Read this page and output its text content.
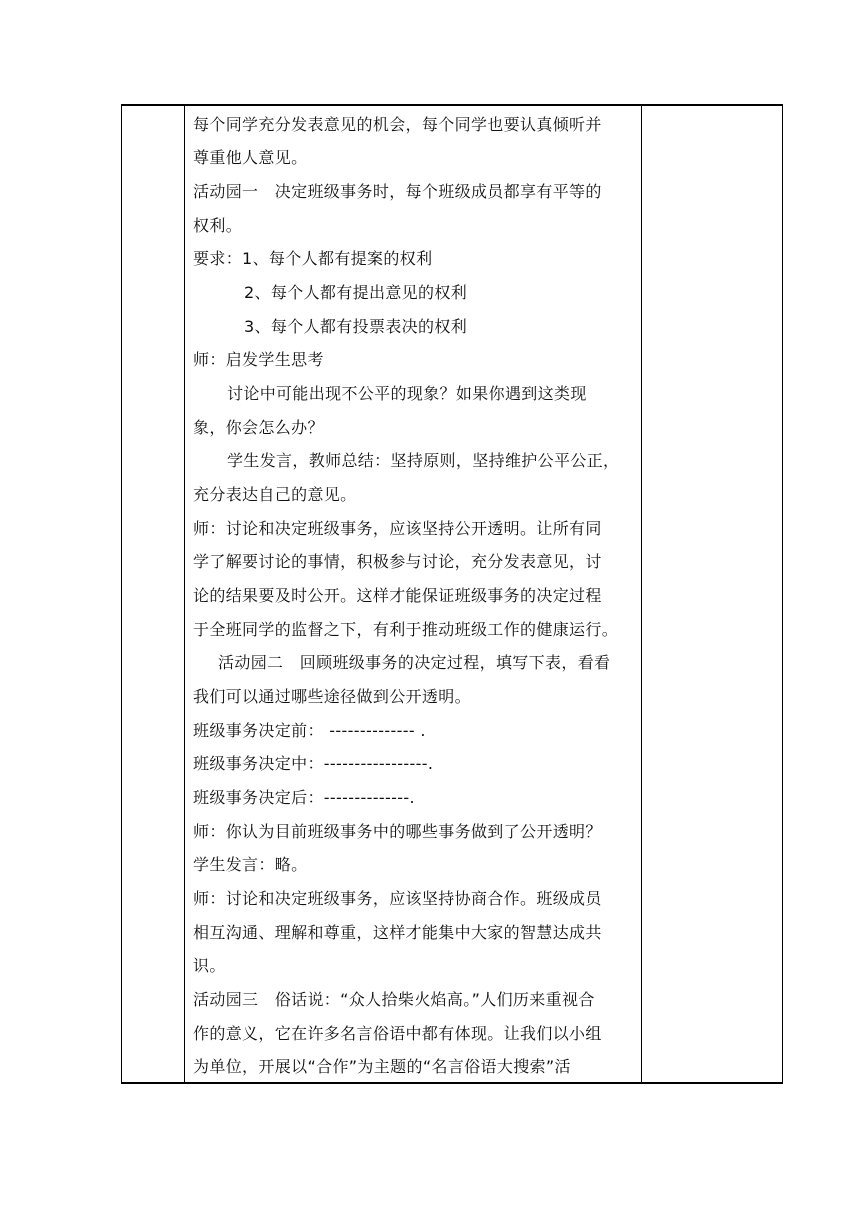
每个同学充分发表意见的机会，每个同学也要认真倾听并
尊重他人意见。
活动园一　决定班级事务时，每个班级成员都享有平等的
权利。
要求：1、每个人都有提案的权利
2、每个人都有提出意见的权利
3、每个人都有投票表决的权利
师：启发学生思考
讨论中可能出现不公平的现象？如果你遇到这类现
象，你会怎么办？
学生发言，教师总结：坚持原则，坚持维护公平公正，
充分表达自己的意见。
师：讨论和决定班级事务，应该坚持公开透明。让所有同
学了解要讨论的事情，积极参与讨论，充分发表意见，讨
论的结果要及时公开。这样才能保证班级事务的决定过程
于全班同学的监督之下，有利于推动班级工作的健康运行。
活动园二　回顾班级事务的决定过程，填写下表，看看
我们可以通过哪些途径做到公开透明。
班级事务决定前： -------------- .
班级事务决定中：-----------------.
班级事务决定后：--------------.
师：你认为目前班级事务中的哪些事务做到了公开透明？
学生发言：略。
师：讨论和决定班级事务，应该坚持协商合作。班级成员
相互沟通、理解和尊重，这样才能集中大家的智慧达成共
识。
活动园三　俗话说：“众人拾柴火焰高。”人们历来重视合
作的意义，它在许多名言俗语中都有体现。让我们以小组
为单位，开展以“合作”为主题的“名言俗语大搜索”活
